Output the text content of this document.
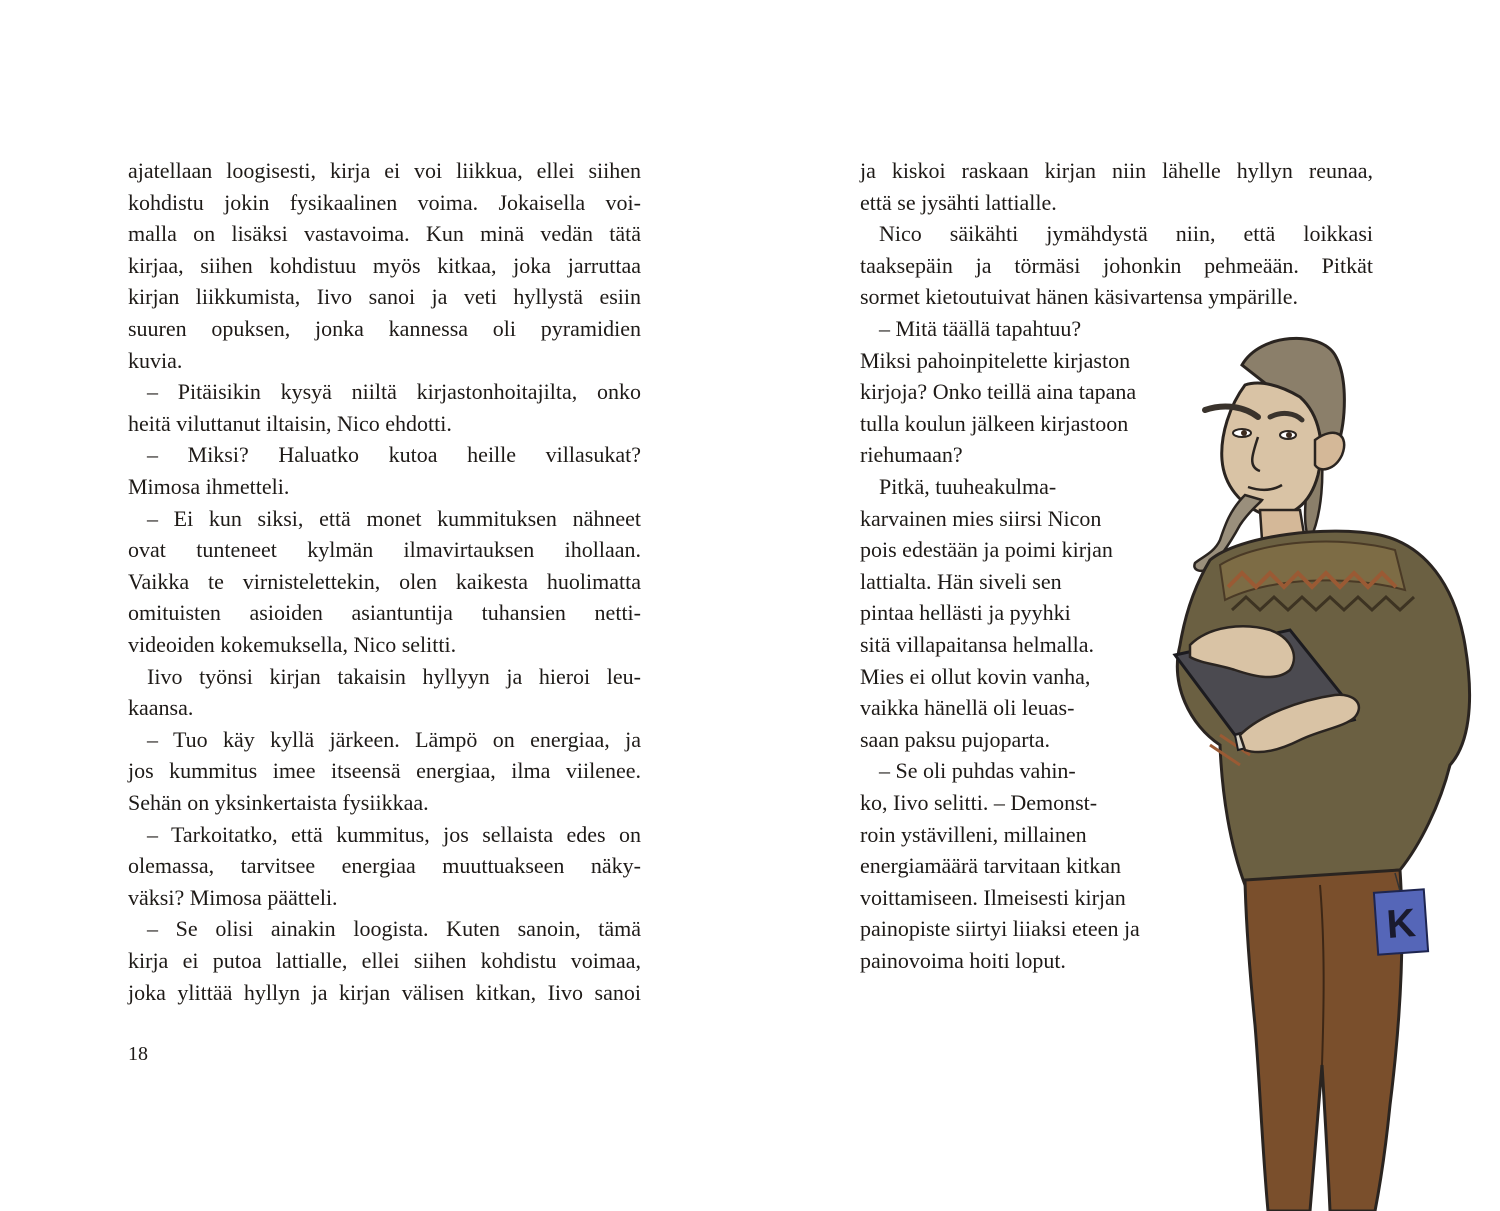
ajatellaan loogisesti, kirja ei voi liikkua, ellei siihen

kohdistu jokin fysikaalinen voima. Jokaisella voi-

malla on lisäksi vastavoima. Kun minä vedän tätä

kirjaa, siihen kohdistuu myös kitkaa, joka jarruttaa

kirjan liikkumista, Iivo sanoi ja veti hyllystä esiin

suuren opuksen, jonka kannessa oli pyramidien

kuvia.

– Pitäisikin kysyä niiltä kirjastonhoitajilta, onko

heitä viluttanut iltaisin, Nico ehdotti.

– Miksi? Haluatko kutoa heille villasukat?

Mimosa ihmetteli.

– Ei kun siksi, että monet kummituksen nähneet

ovat tunteneet kylmän ilmavirtauksen ihollaan.

Vaikka te virnistelettekin, olen kaikesta huolimatta

omituisten asioiden asiantuntija tuhansien netti-

videoiden kokemuksella, Nico selitti.

Iivo työnsi kirjan takaisin hyllyyn ja hieroi leu-

kaansa.

– Tuo käy kyllä järkeen. Lämpö on energiaa, ja

jos kummitus imee itseensä energiaa, ilma viilenee.

Sehän on yksinkertaista fysiikkaa.

– Tarkoitatko, että kummitus, jos sellaista edes on

olemassa, tarvitsee energiaa muuttuakseen näky-

väksi? Mimosa päätteli.

– Se olisi ainakin loogista. Kuten sanoin, tämä

kirja ei putoa lattialle, ellei siihen kohdistu voimaa,

joka ylittää hyllyn ja kirjan välisen kitkan, Iivo sanoi

18

ja kiskoi raskaan kirjan niin lähelle hyllyn reunaa,

että se jysähti lattialle.

Nico säikähti jymähdystä niin, että loikkasi

taaksepäin ja törmäsi johonkin pehmeään. Pitkät

sormet kietoutuivat hänen käsivartensa ympärille.

– Mitä täällä tapahtuu?

Miksi pahoinpitelette kirjaston

kirjoja? Onko teillä aina tapana

tulla koulun jälkeen kirjastoon

riehumaan?

Pitkä, tuuheakulma-

karvainen mies siirsi Nicon

pois edestään ja poimi kirjan

lattialta. Hän siveli sen

pintaa hellästi ja pyyhki

sitä villapaitansa helmalla.

Mies ei ollut kovin vanha,

vaikka hänellä oli leuas-

saan paksu pujoparta.

– Se oli puhdas vahin-

ko, Iivo selitti. – Demonst-

roin ystävilleni, millainen

energiamäärä tarvitaan kitkan

voittamiseen. Ilmeisesti kirjan

painopiste siirtyi liiaksi eteen ja

painovoima hoiti loput.

K
